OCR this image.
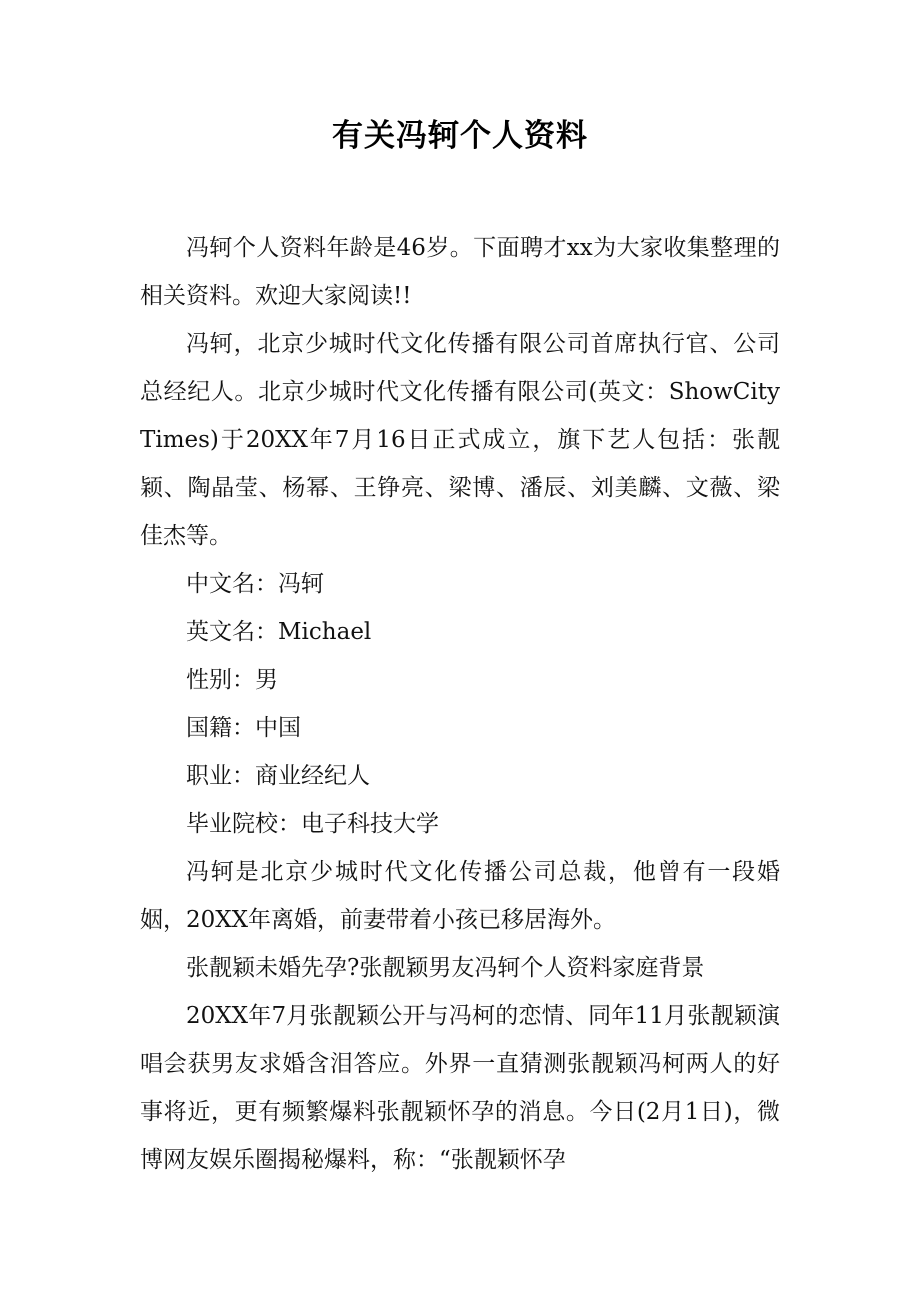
有关冯轲个人资料

冯轲个人资料年龄是46岁。下面聘才xx为大家收集整理的相关资料。欢迎大家阅读!!

冯轲，北京少城时代文化传播有限公司首席执行官、公司总经纪人。北京少城时代文化传播有限公司(英文：ShowCityTimes)于20XX年7月16日正式成立，旗下艺人包括：张靓颖、陶晶莹、杨幂、王铮亮、梁博、潘辰、刘美麟、文薇、梁佳杰等。

中文名：冯轲

英文名：Michael

性别：男

国籍：中国

职业：商业经纪人

毕业院校：电子科技大学

冯轲是北京少城时代文化传播公司总裁，他曾有一段婚姻，20XX年离婚，前妻带着小孩已移居海外。

张靓颖未婚先孕?张靓颖男友冯轲个人资料家庭背景

20XX年7月张靓颖公开与冯柯的恋情、同年11月张靓颖演唱会获男友求婚含泪答应。外界一直猜测张靓颖冯柯两人的好事将近，更有频繁爆料张靓颖怀孕的消息。今日(2月1日)，微博网友娱乐圈揭秘爆料，称：“张靓颖怀孕
